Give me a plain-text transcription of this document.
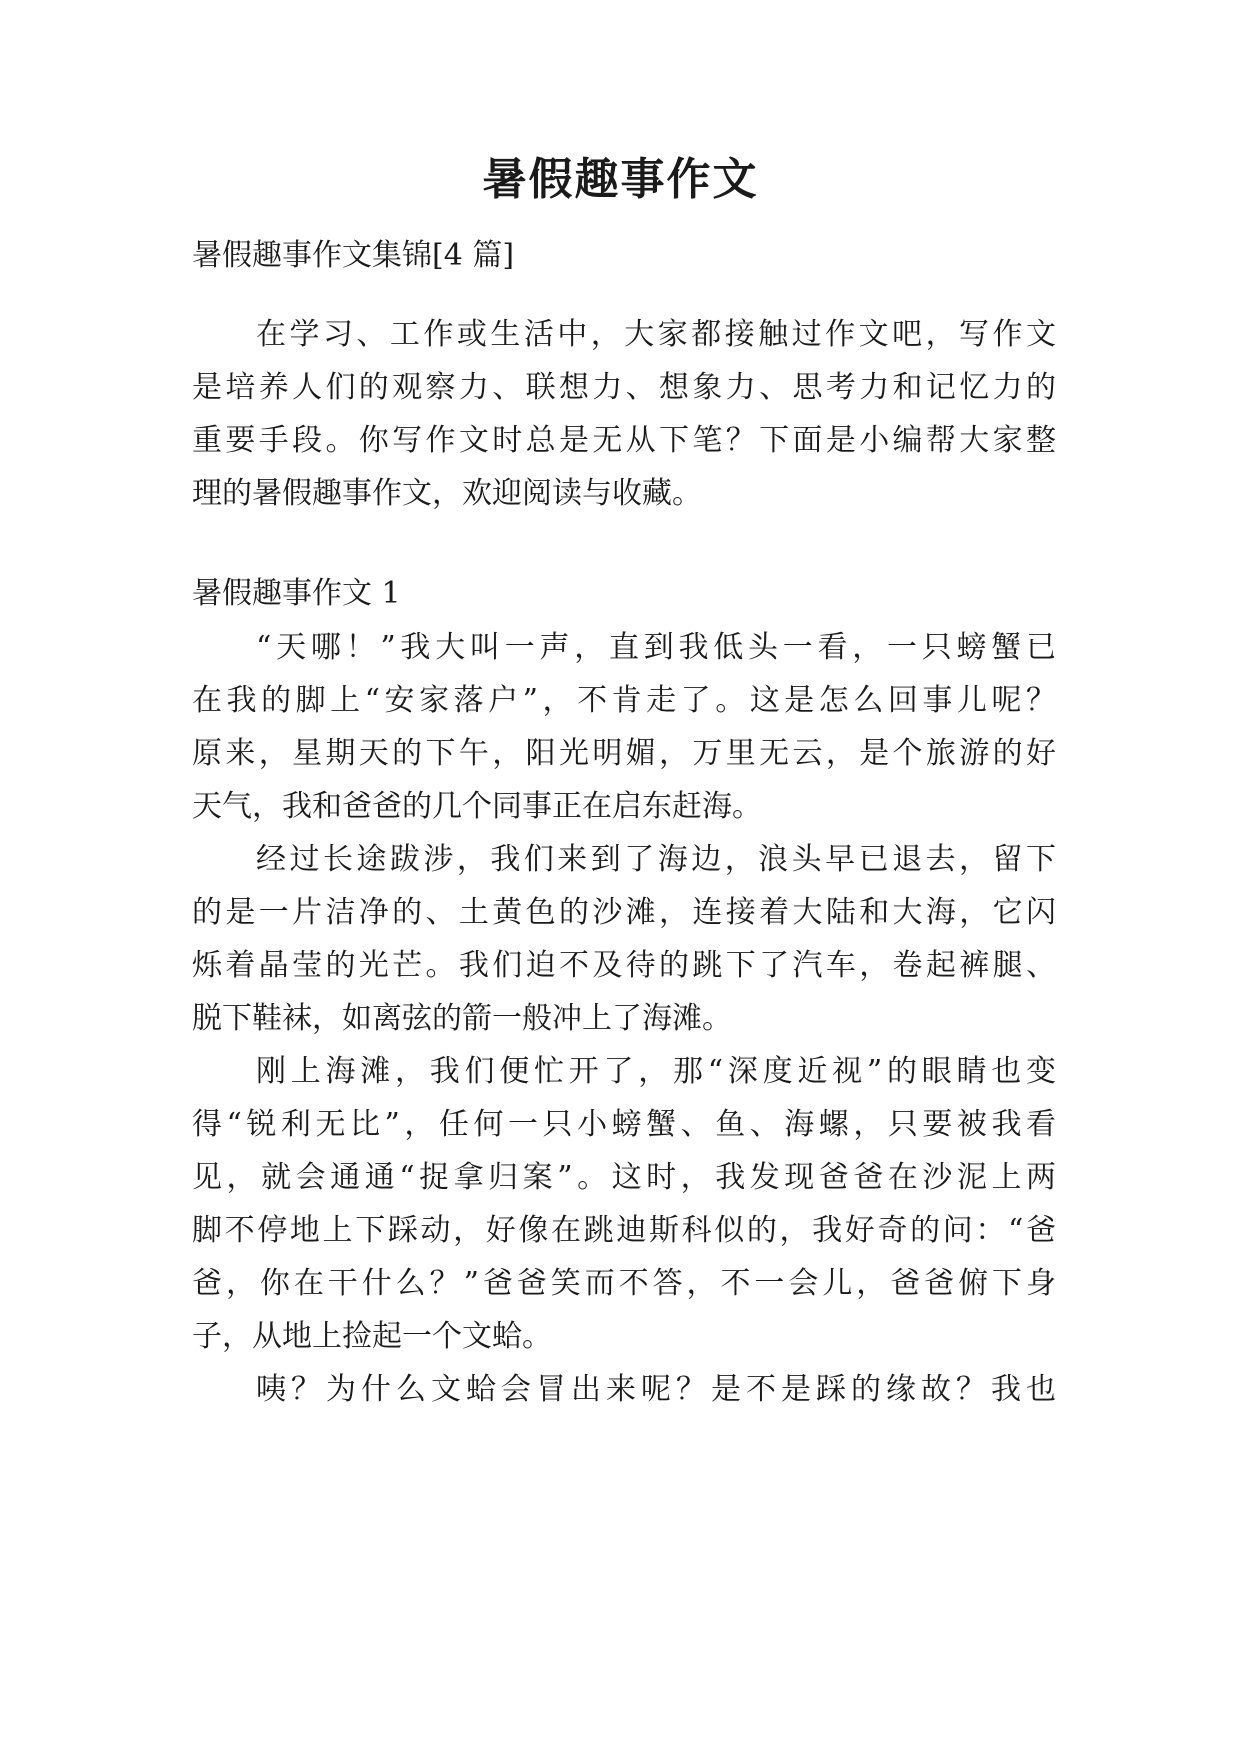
暑假趣事作文

暑假趣事作文集锦[4 篇]

在学习、工作或生活中，大家都接触过作文吧，写作文

是培养人们的观察力、联想力、想象力、思考力和记忆力的

重要手段。你写作文时总是无从下笔？下面是小编帮大家整

理的暑假趣事作文，欢迎阅读与收藏。

暑假趣事作文 1

“天哪！”我大叫一声，直到我低头一看，一只螃蟹已

在我的脚上“安家落户”，不肯走了。这是怎么回事儿呢？

原来，星期天的下午，阳光明媚，万里无云，是个旅游的好

天气，我和爸爸的几个同事正在启东赶海。

经过长途跋涉，我们来到了海边，浪头早已退去，留下

的是一片洁净的、土黄色的沙滩，连接着大陆和大海，它闪

烁着晶莹的光芒。我们迫不及待的跳下了汽车，卷起裤腿、

脱下鞋袜，如离弦的箭一般冲上了海滩。

刚上海滩，我们便忙开了，那“深度近视”的眼睛也变

得“锐利无比”，任何一只小螃蟹、鱼、海螺，只要被我看

见，就会通通“捉拿归案”。这时，我发现爸爸在沙泥上两

脚不停地上下踩动，好像在跳迪斯科似的，我好奇的问：“爸

爸，你在干什么？”爸爸笑而不答，不一会儿，爸爸俯下身

子，从地上捡起一个文蛤。

咦？为什么文蛤会冒出来呢？是不是踩的缘故？我也
